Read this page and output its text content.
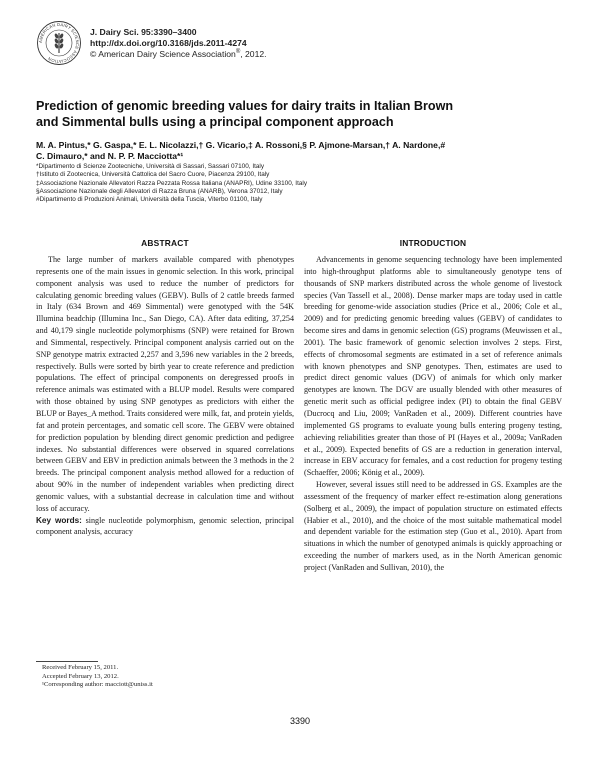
AMERICAN DAIRY SCIENCE ASSOCIATION
J. Dairy Sci. 95:3390–3400
http://dx.doi.org/10.3168/jds.2011-4274
© American Dairy Science Association®, 2012.
Prediction of genomic breeding values for dairy traits in Italian Brown
and Simmental bulls using a principal component approach
M. A. Pintus,* G. Gaspa,* E. L. Nicolazzi,† G. Vicario,‡ A. Rossoni,§ P. Ajmone-Marsan,† A. Nardone,#
C. Dimauro,* and N. P. P. Macciotta*¹
*Dipartimento di Scienze Zootecniche, Università di Sassari, Sassari 07100, Italy
†Istituto di Zootecnica, Università Cattolica del Sacro Cuore, Piacenza 29100, Italy
‡Associazione Nazionale Allevatori Razza Pezzata Rossa Italiana (ANAPRI), Udine 33100, Italy
§Associazione Nazionale degli Allevatori di Razza Bruna (ANARB), Verona 37012, Italy
#Dipartimento di Produzioni Animali, Università della Tuscia, Viterbo 01100, Italy
ABSTRACT	INTRODUCTION

The large number of markers available compared with phenotypes represents one of the main issues in genomic selection. In this work, principal component analysis was used to reduce the number of predictors for calculating genomic breeding values (GEBV). Bulls of 2 cattle breeds farmed in Italy (634 Brown and 469 Simmental) were genotyped with the 54K Illumina beadchip (Illumina Inc., San Diego, CA). After data editing, 37,254 and 40,179 single nucleotide polymorphisms (SNP) were retained for Brown and Simmental, respectively. Principal component analysis carried out on the SNP genotype matrix extracted 2,257 and 3,596 new variables in the 2 breeds, respectively. Bulls were sorted by birth year to create reference and prediction populations. The effect of principal components on deregressed proofs in reference animals was estimated with a BLUP model. Results were compared with those obtained by using SNP genotypes as predictors with either the BLUP or Bayes_A method. Traits considered were milk, fat, and protein yields, fat and protein percentages, and somatic cell score. The GEBV were obtained for prediction population by blending direct genomic prediction and pedigree indexes. No substantial differences were observed in squared correlations between GEBV and EBV in prediction animals between the 3 methods in the 2 breeds. The principal component analysis method allowed for a reduction of about 90% in the number of independent variables when predicting direct genomic values, with a substantial decrease in calculation time and without loss of accuracy.

Key words: single nucleotide polymorphism, genomic selection, principal component analysis, accuracy

Advancements in genome sequencing technology have been implemented into high-throughput platforms able to simultaneously genotype tens of thousands of SNP markers distributed across the whole genome of livestock species (Van Tassell et al., 2008). Dense marker maps are today used in cattle breeding for genome-wide association studies (Price et al., 2006; Cole et al., 2009) and for predicting genomic breeding values (GEBV) of candidates to become sires and dams in genomic selection (GS) programs (Meuwissen et al., 2001). The basic framework of genomic selection involves 2 steps. First, effects of chromosomal segments are estimated in a set of reference animals with known phenotypes and SNP genotypes. Then, estimates are used to predict direct genomic values (DGV) of animals for which only marker genotypes are known. The DGV are usually blended with other measures of genetic merit such as official pedigree index (PI) to obtain the final GEBV (Ducrocq and Liu, 2009; VanRaden et al., 2009). Different countries have implemented GS programs to evaluate young bulls entering progeny testing, achieving reliabilities greater than those of PI (Hayes et al., 2009a; VanRaden et al., 2009). Expected benefits of GS are a reduction in generation interval, increase in EBV accuracy for females, and a cost reduction for progeny testing (Schaeffer, 2006; König et al., 2009).

However, several issues still need to be addressed in GS. Examples are the assessment of the frequency of marker effect re-estimation along generations (Solberg et al., 2009), the impact of population structure on estimated effects (Habier et al., 2010), and the choice of the most suitable mathematical model and dependent variable for the estimation step (Guo et al., 2010). Apart from situations in which the number of genotyped animals is quickly approaching or exceeding the number of markers used, as in the North American genomic project (VanRaden and Sullivan, 2010), the

Received February 15, 2011.
Accepted February 13, 2012.
¹Corresponding author: macciott@uniss.it
3390
